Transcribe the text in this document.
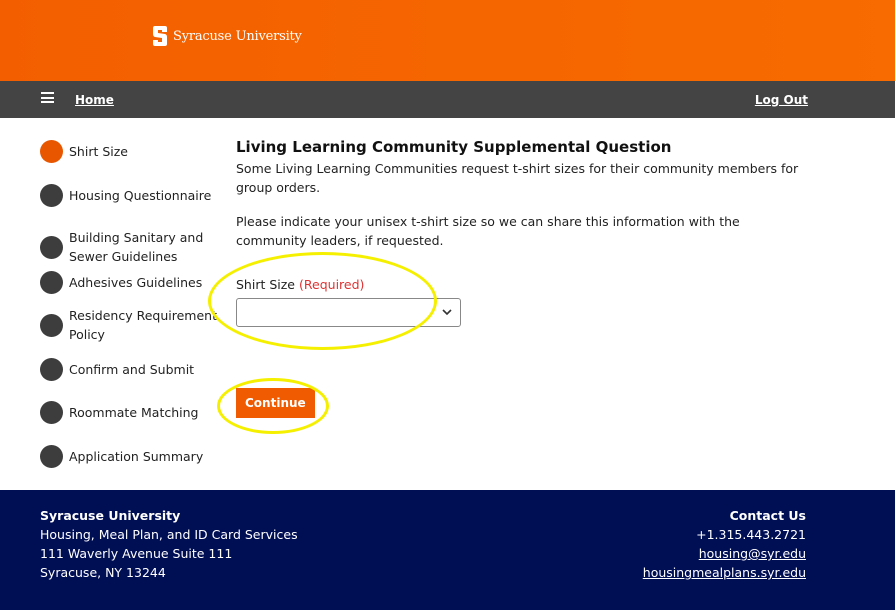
Syracuse University
Home	Log Out
Shirt Size
Housing Questionnaire
Building Sanitary and Sewer Guidelines
Adhesives Guidelines
Residency Requirement Policy
Confirm and Submit
Roommate Matching
Application Summary
Living Learning Community Supplemental Question
Some Living Learning Communities request t-shirt sizes for their community members for group orders.
Please indicate your unisex t-shirt size so we can share this information with the community leaders, if requested.
Shirt Size (Required)
Continue
Syracuse University
Housing, Meal Plan, and ID Card Services
111 Waverly Avenue Suite 111
Syracuse, NY 13244
Contact Us
+1.315.443.2721
housing@syr.edu
housingmealplans.syr.edu
